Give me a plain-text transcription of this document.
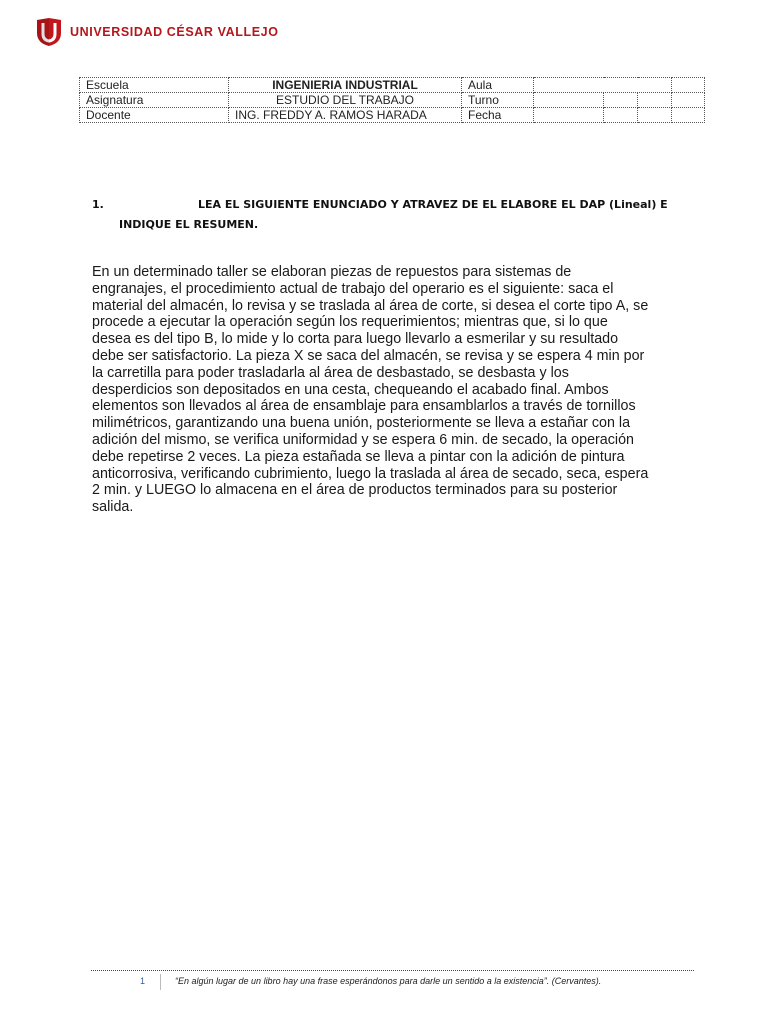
UNIVERSIDAD CÉSAR VALLEJO
Escuela	INGENIERIA INDUSTRIAL	Aula				
Asignatura	ESTUDIO DEL TRABAJO	Turno				
Docente	ING. FREDDY A. RAMOS HARADA	Fecha				
1.	LEA EL SIGUIENTE ENUNCIADO Y ATRAVEZ DE EL ELABORE EL DAP (Lineal) E
INDIQUE EL RESUMEN.
En un determinado taller se elaboran piezas de repuestos para sistemas de
engranajes, el procedimiento actual de trabajo del operario es el siguiente: saca el
material del almacén, lo revisa y se traslada al área de corte, si desea el corte tipo A, se
procede a ejecutar la operación según los requerimientos; mientras que, si lo que
desea es del tipo B, lo mide y lo corta para luego llevarlo a esmerilar y su resultado
debe ser satisfactorio. La pieza X se saca del almacén, se revisa y se espera 4 min por
la carretilla para poder trasladarla al área de desbastado, se desbasta y los
desperdicios son depositados en una cesta, chequeando el acabado final. Ambos
elementos son llevados al área de ensamblaje para ensamblarlos a través de tornillos
milimétricos, garantizando una buena unión, posteriormente se lleva a estañar con la
adición del mismo, se verifica uniformidad y se espera 6 min. de secado, la operación
debe repetirse 2 veces. La pieza estañada se lleva a pintar con la adición de pintura
anticorrosiva, verificando cubrimiento, luego la traslada al área de secado, seca, espera
2 min. y LUEGO lo almacena en el área de productos terminados para su posterior
salida.
1	“En algún lugar de un libro hay una frase esperándonos para darle un sentido a la existencia”. (Cervantes).
